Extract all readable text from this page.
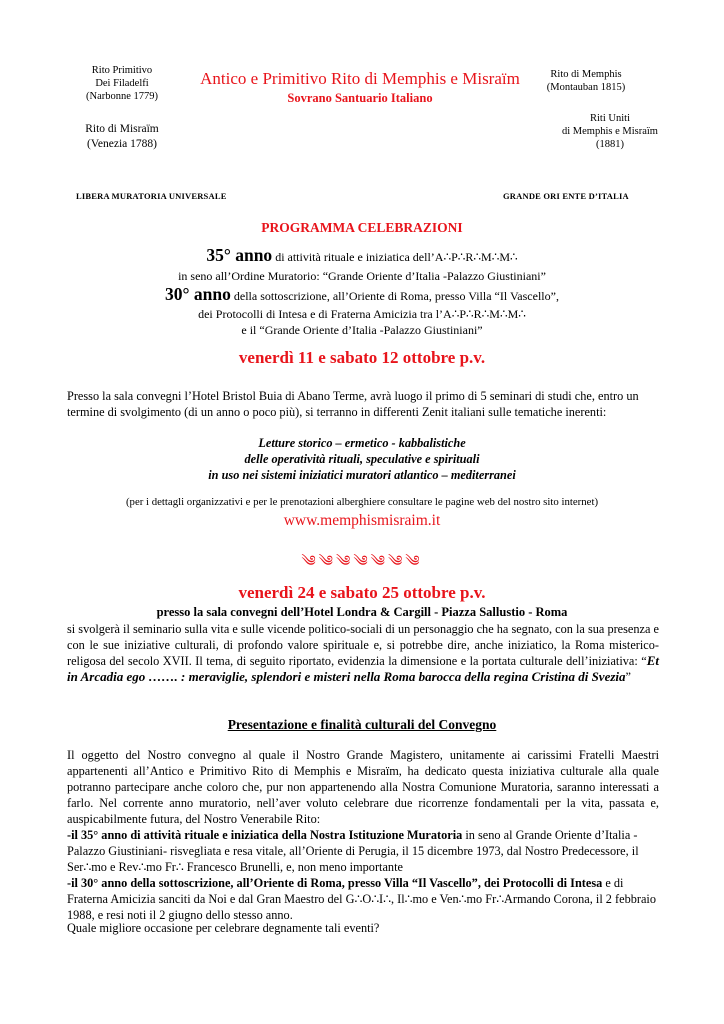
Rito Primitivo
Dei Filadelfi
(Narbonne 1779)
Rito di Misraïm
(Venezia 1788)
Antico e Primitivo Rito di Memphis e Misraïm
Sovrano Santuario Italiano
Rito di Memphis
(Montauban 1815)
Riti Uniti
di Memphis e Misraïm
(1881)
LIBERA MURATORIA UNIVERSALE	GRANDE ORI ENTE D’ITALIA
PROGRAMMA CELEBRAZIONI
35° anno di attività rituale e iniziatica dell’A∴P∴R∴M∴M∴
in seno all’Ordine Muratorio: “Grande Oriente d’Italia -Palazzo Giustiniani”
30° anno della sottoscrizione, all’Oriente di Roma, presso Villa “Il Vascello”,
dei Protocolli di Intesa e di Fraterna Amicizia tra l’A∴P∴R∴M∴M∴
e il “Grande Oriente d’Italia -Palazzo Giustiniani”
venerdì 11 e sabato 12 ottobre p.v.
Presso la sala convegni l’Hotel Bristol Buia di Abano Terme, avrà luogo il primo di 5 seminari di studi che, entro un termine di svolgimento (di un anno o poco più), si terranno in differenti Zenit italiani sulle tematiche inerenti:
Letture storico – ermetico - kabbalistiche
delle operatività rituali, speculative e spirituali
in uso nei sistemi iniziatici muratori atlantico – mediterranei
(per i dettagli organizzativi e per le prenotazioni alberghiere consultare le pagine web del nostro sito internet)
www.memphismisraim.it
༄༄༄༄༄༄༄
venerdì 24 e sabato 25 ottobre p.v.
presso la sala convegni dell’Hotel Londra & Cargill - Piazza Sallustio - Roma
si svolgerà il seminario sulla vita e sulle vicende politico-sociali di un personaggio che ha segnato, con la sua presenza e con le sue iniziative culturali, di profondo valore spirituale e, si potrebbe dire, anche iniziatico, la Roma misterico-religosa del secolo XVII. Il tema, di seguito riportato, evidenzia la dimensione e la portata culturale dell’iniziativa: “Et in Arcadia ego ……. : meraviglie, splendori e misteri nella Roma barocca della regina Cristina di Svezia”
Presentazione e finalità culturali del Convegno
Il oggetto del Nostro convegno al quale il Nostro Grande Magistero, unitamente ai carissimi Fratelli Maestri appartenenti all’Antico e Primitivo Rito di Memphis e Misraïm, ha dedicato questa iniziativa culturale alla quale potranno partecipare anche coloro che, pur non appartenendo alla Nostra Comunione Muratoria, saranno interessati a farlo. Nel corrente anno muratorio, nell’aver voluto celebrare due ricorrenze fondamentali per la vita, passata e, auspicabilmente futura, del Nostro Venerabile Rito:
-il 35° anno di attività rituale e iniziatica della Nostra Istituzione Muratoria in seno al Grande Oriente d’Italia -Palazzo Giustiniani- risvegliata e resa vitale, all’Oriente di Perugia, il 15 dicembre 1973, dal Nostro Predecessore, il Ser∴mo e Rev∴mo Fr∴ Francesco Brunelli, e, non meno importante
-il 30° anno della sottoscrizione, all’Oriente di Roma, presso Villa “Il Vascello”, dei Protocolli di Intesa e di Fraterna Amicizia sanciti da Noi e dal Gran Maestro del G∴O∴I∴, Il∴mo e Ven∴mo Fr∴Armando Corona, il 2 febbraio 1988, e resi noti il 2 giugno dello stesso anno.
Quale migliore occasione per celebrare degnamente tali eventi?
